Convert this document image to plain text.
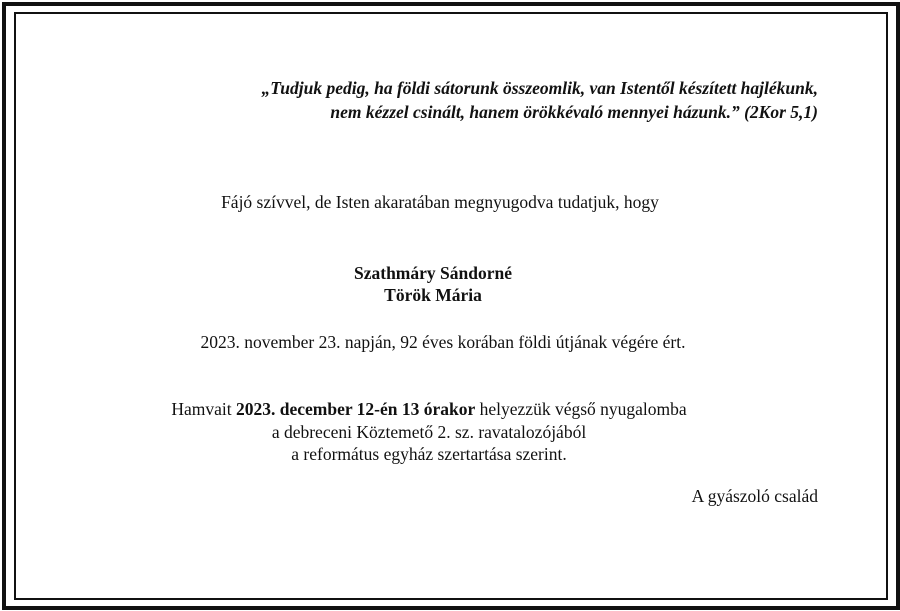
„Tudjuk pedig, ha földi sátorunk összeomlik, van Istentől készített hajlékunk,
nem kézzel csinált, hanem örökkévaló mennyei házunk.” (2Kor 5,1)
Fájó szívvel, de Isten akaratában megnyugodva tudatjuk, hogy
Szathmáry Sándorné
Török Mária
2023. november 23. napján, 92 éves korában földi útjának végére ért.
Hamvait 2023. december 12-én 13 órakor helyezzük végső nyugalomba
a debreceni Köztemető 2. sz. ravatalozójából
a református egyház szertartása szerint.
A gyászoló család
